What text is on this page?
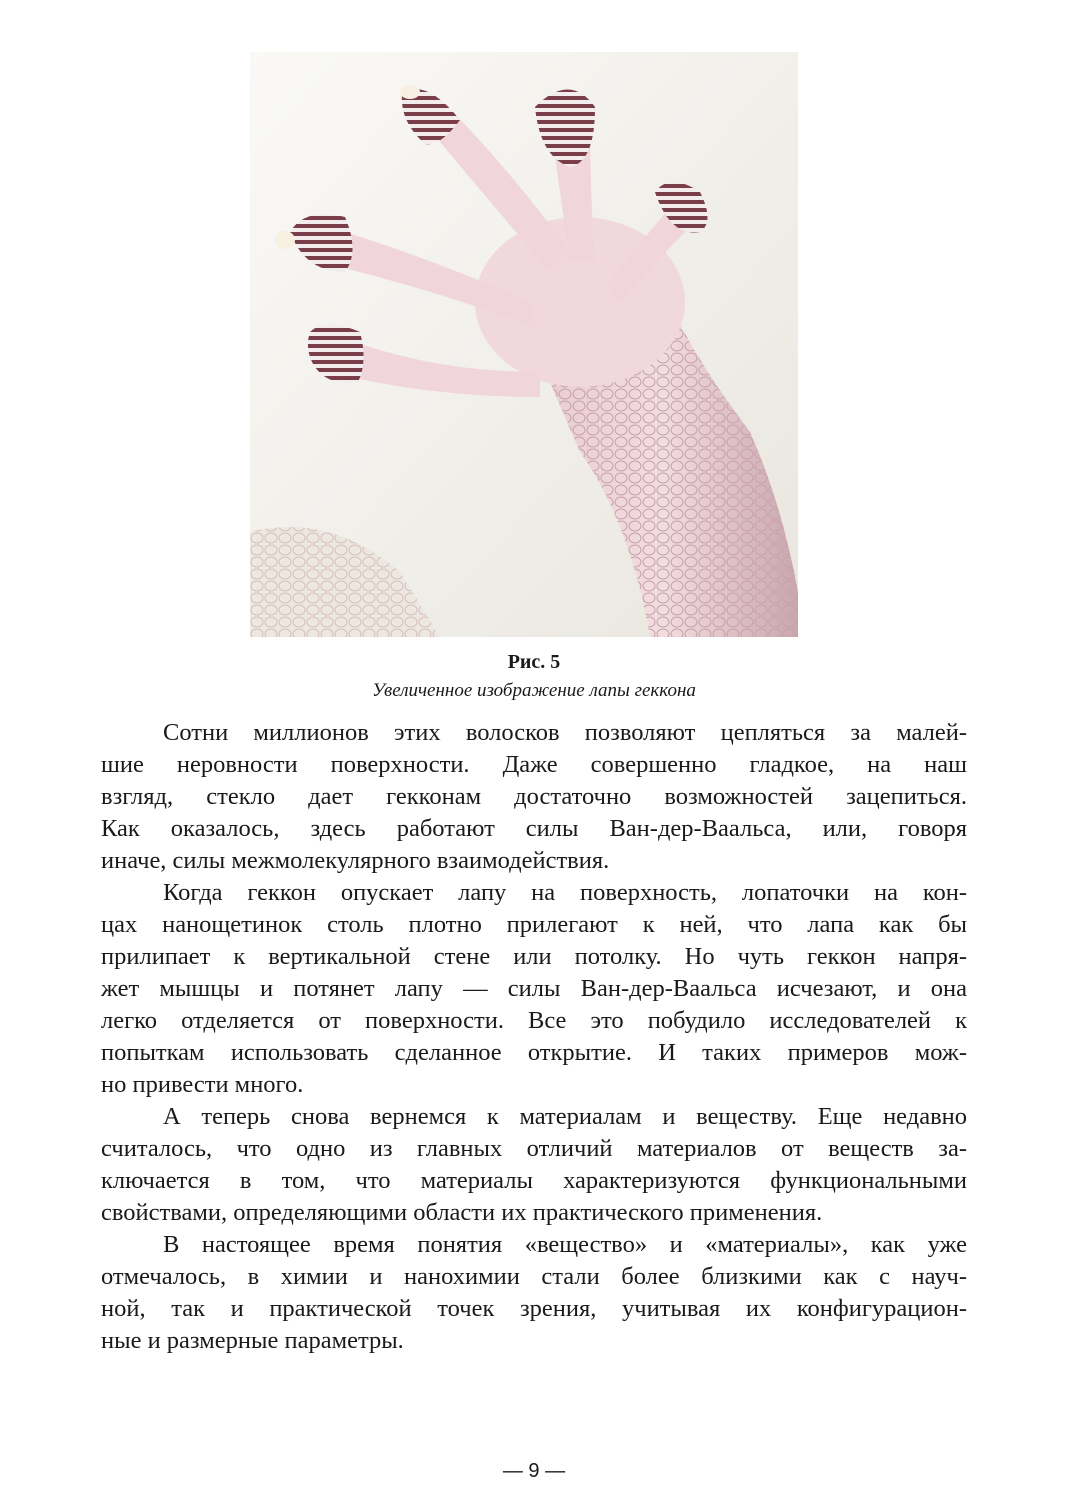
Рис. 5
Увеличенное изображение лапы геккона
Сотни миллионов этих волосков позволяют цепляться за малей-
шие неровности поверхности. Даже совершенно гладкое, на наш
взгляд, стекло дает гекконам достаточно возможностей зацепиться.
Как оказалось, здесь работают силы Ван-дер-Ваальса, или, говоря
иначе, силы межмолекулярного взаимодействия.
Когда геккон опускает лапу на поверхность, лопаточки на кон-
цах нанощетинок столь плотно прилегают к ней, что лапа как бы
прилипает к вертикальной стене или потолку. Но чуть геккон напря-
жет мышцы и потянет лапу — силы Ван-дер-Ваальса исчезают, и она
легко отделяется от поверхности. Все это побудило исследователей к
попыткам использовать сделанное открытие. И таких примеров мож-
но привести много.
А теперь снова вернемся к материалам и веществу. Еще недавно
считалось, что одно из главных отличий материалов от веществ за-
ключается в том, что материалы характеризуются функциональными
свойствами, определяющими области их практического применения.
В настоящее время понятия «вещество» и «материалы», как уже
отмечалось, в химии и нанохимии стали более близкими как с науч-
ной, так и практической точек зрения, учитывая их конфигурацион-
ные и размерные параметры.
— 9 —
